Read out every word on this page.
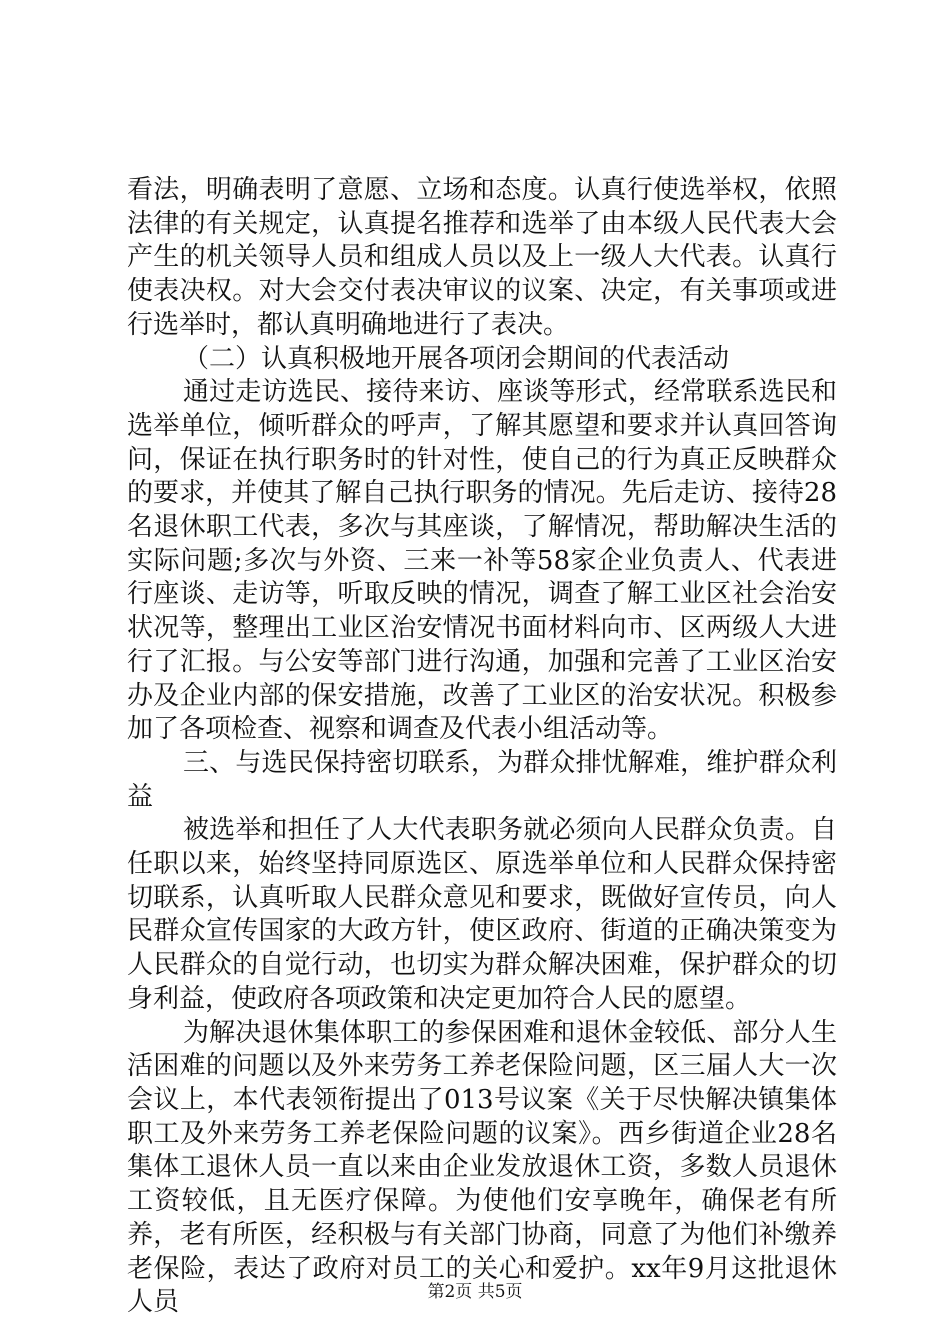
看法，明确表明了意愿、立场和态度。认真行使选举权，依照法律的有关规定，认真提名推荐和选举了由本级人民代表大会产生的机关领导人员和组成人员以及上一级人大代表。认真行使表决权。对大会交付表决审议的议案、决定，有关事项或进行选举时，都认真明确地进行了表决。

（二）认真积极地开展各项闭会期间的代表活动

通过走访选民、接待来访、座谈等形式，经常联系选民和选举单位，倾听群众的呼声，了解其愿望和要求并认真回答询问，保证在执行职务时的针对性，使自己的行为真正反映群众的要求，并使其了解自己执行职务的情况。先后走访、接待28名退休职工代表，多次与其座谈，了解情况，帮助解决生活的实际问题;多次与外资、三来一补等58家企业负责人、代表进行座谈、走访等，听取反映的情况，调查了解工业区社会治安状况等，整理出工业区治安情况书面材料向市、区两级人大进行了汇报。与公安等部门进行沟通，加强和完善了工业区治安办及企业内部的保安措施，改善了工业区的治安状况。积极参加了各项检查、视察和调查及代表小组活动等。

三、与选民保持密切联系，为群众排忧解难，维护群众利益

被选举和担任了人大代表职务就必须向人民群众负责。自任职以来，始终坚持同原选区、原选举单位和人民群众保持密切联系，认真听取人民群众意见和要求，既做好宣传员，向人民群众宣传国家的大政方针，使区政府、街道的正确决策变为人民群众的自觉行动，也切实为群众解决困难，保护群众的切身利益，使政府各项政策和决定更加符合人民的愿望。

为解决退休集体职工的参保困难和退休金较低、部分人生活困难的问题以及外来劳务工养老保险问题，区三届人大一次会议上，本代表领衔提出了013号议案《关于尽快解决镇集体职工及外来劳务工养老保险问题的议案》。西乡街道企业28名集体工退休人员一直以来由企业发放退休工资，多数人员退休工资较低，且无医疗保障。为使他们安享晚年，确保老有所养，老有所医，经积极与有关部门协商，同意了为他们补缴养老保险，表达了政府对员工的关心和爱护。xx年9月这批退休人员	第2页 共5页
